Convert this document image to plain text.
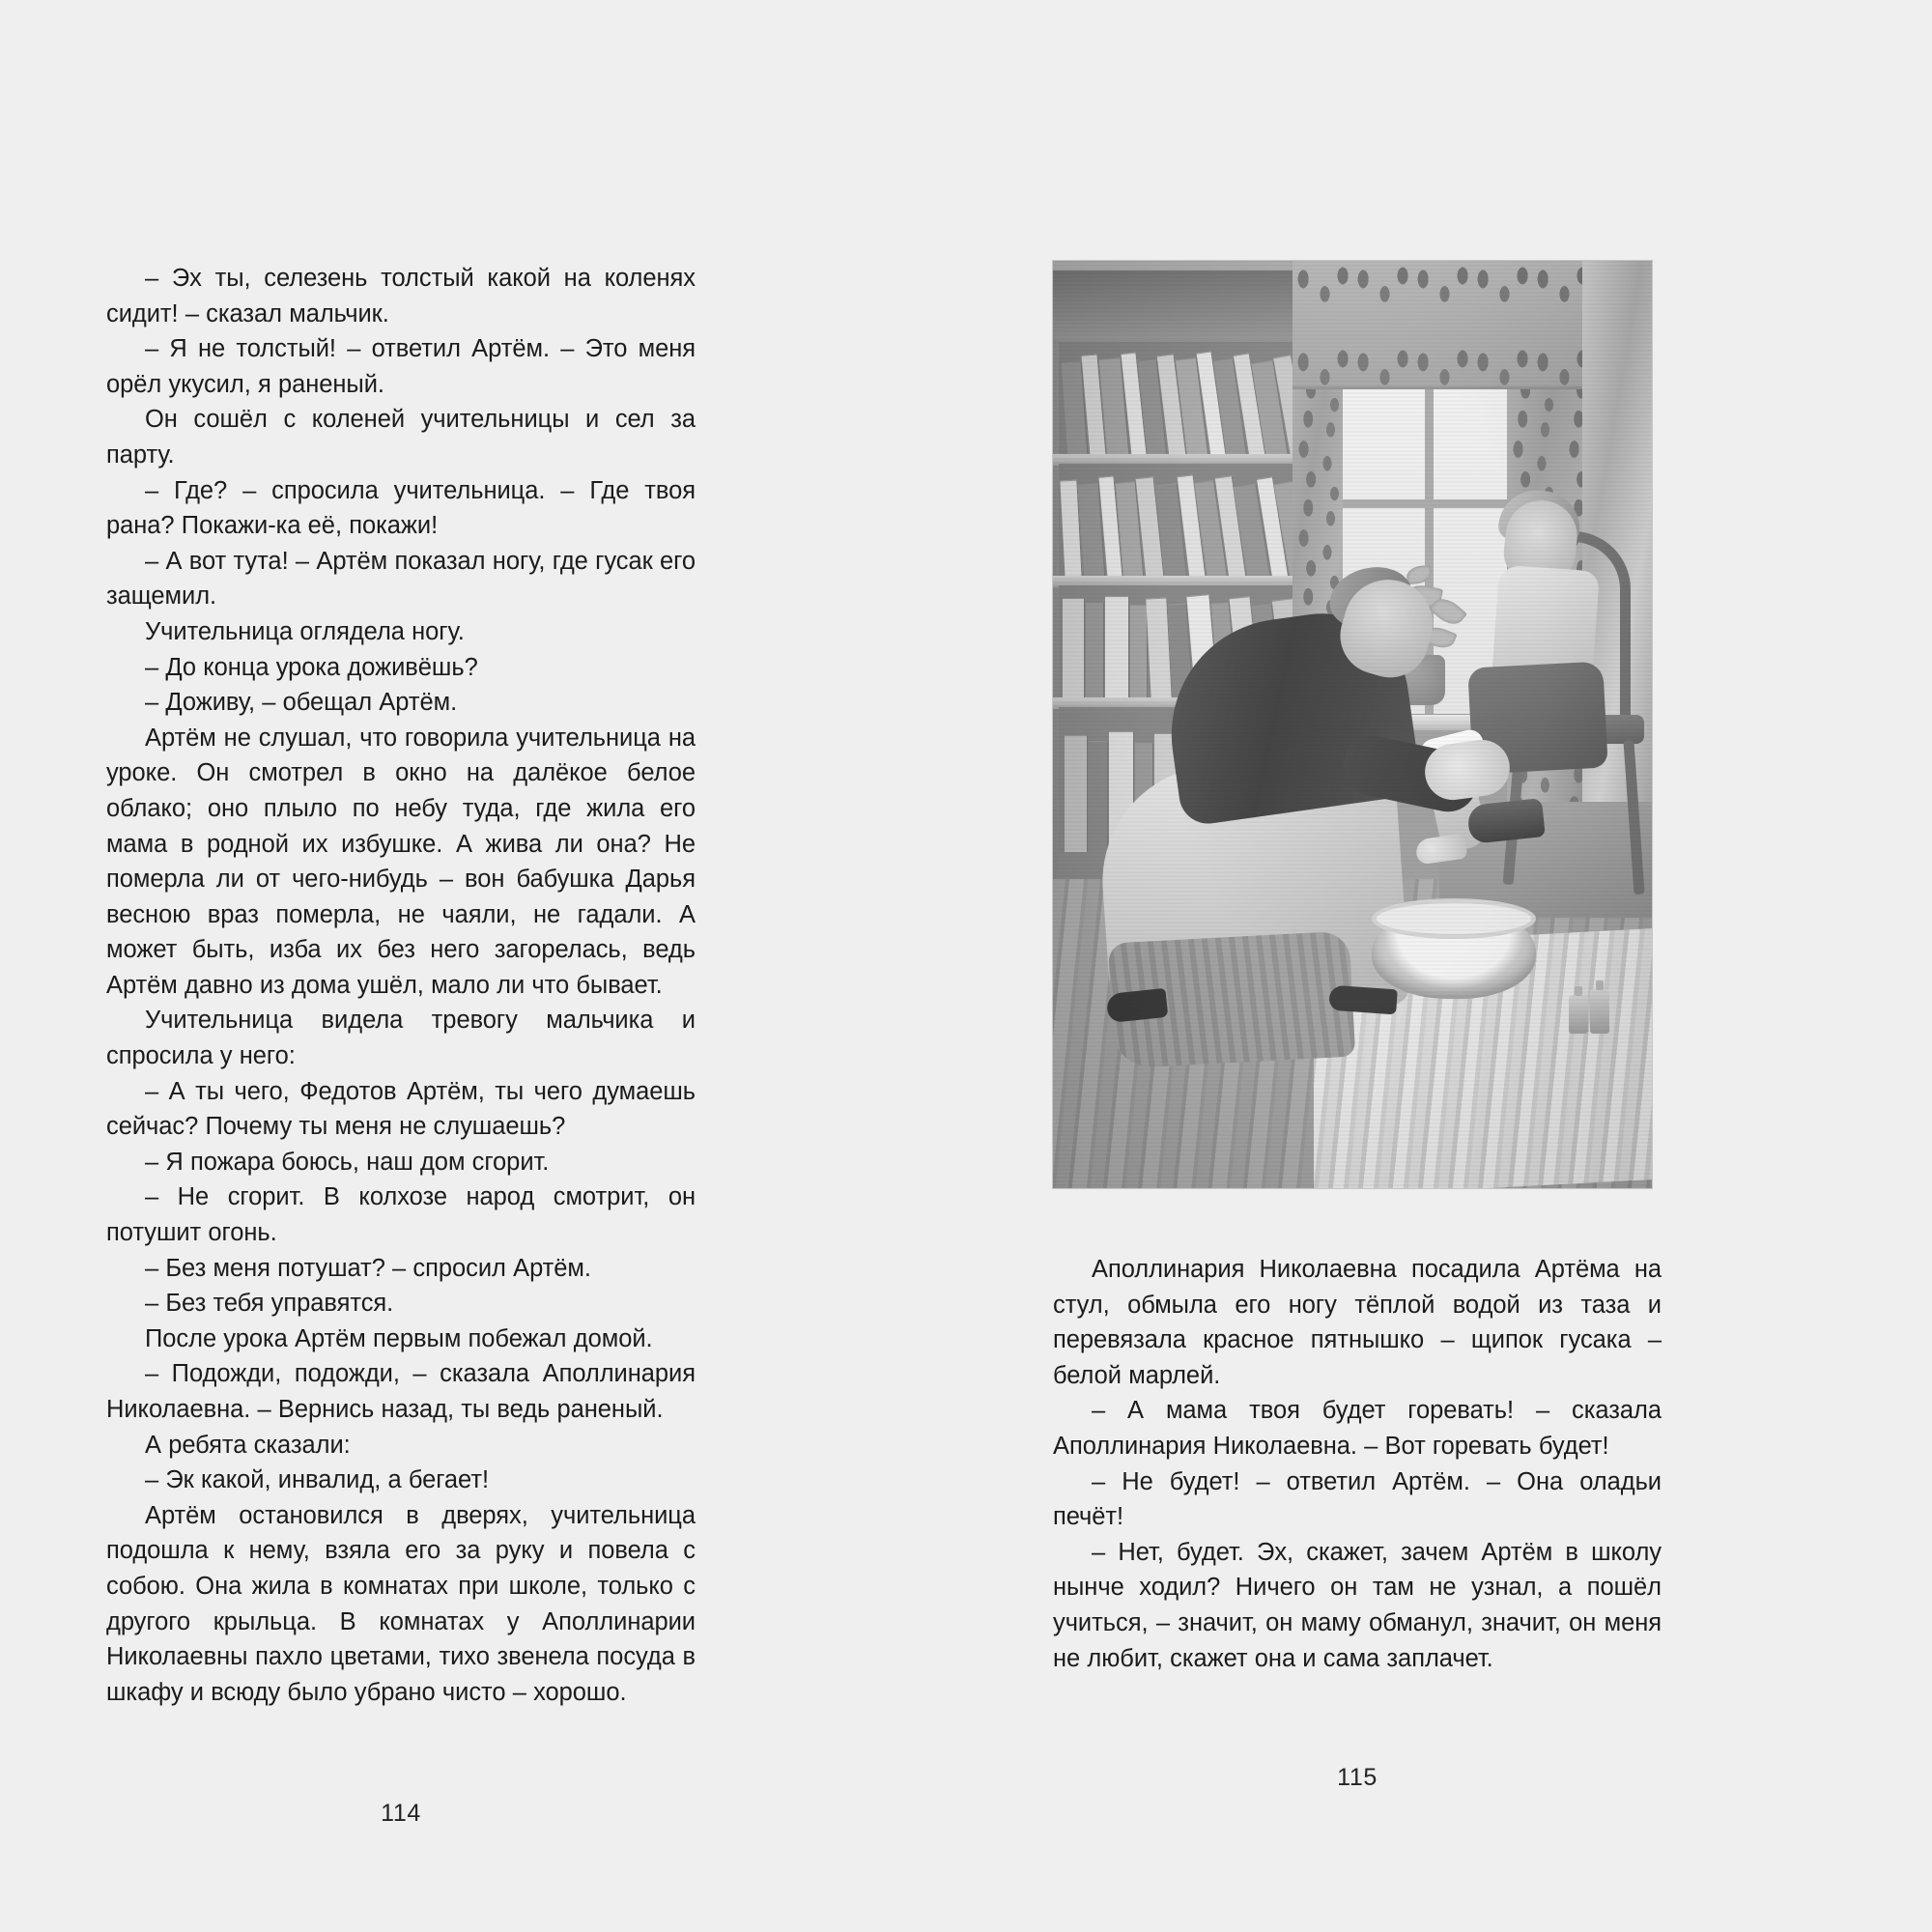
– Эх ты, селезень толстый какой на коленях сидит! – сказал мальчик.

– Я не толстый! – ответил Артём. – Это меня орёл укусил, я раненый.

Он сошёл с коленей учительницы и сел за парту.

– Где? – спросила учительница. – Где твоя рана? Покажи-ка её, покажи!

– А вот тута! – Артём показал ногу, где гусак его защемил.

Учительница оглядела ногу.

– До конца урока доживёшь?

– Доживу, – обещал Артём.

Артём не слушал, что говорила учительница на уроке. Он смотрел в окно на далёкое белое облако; оно плыло по небу туда, где жила его мама в родной их избушке. А жива ли она? Не померла ли от чего-нибудь – вон бабушка Дарья весною враз померла, не чаяли, не гадали. А может быть, изба их без него загорелась, ведь Артём давно из дома ушёл, мало ли что бывает.

Учительница видела тревогу мальчика и спросила у него:

– А ты чего, Федотов Артём, ты чего думаешь сейчас? Почему ты меня не слушаешь?

– Я пожара боюсь, наш дом сгорит.

– Не сгорит. В колхозе народ смотрит, он потушит огонь.

– Без меня потушат? – спросил Артём.

– Без тебя управятся.

После урока Артём первым побежал домой.

– Подожди, подожди, – сказала Аполлинария Николаевна. – Вернись назад, ты ведь раненый.

А ребята сказали:

– Эк какой, инвалид, а бегает!

Артём остановился в дверях, учительница подошла к нему, взяла его за руку и повела с собою. Она жила в комнатах при школе, только с другого крыльца. В комнатах у Аполлинарии Николаевны пахло цветами, тихо звенела посуда в шкафу и всюду было убрано чисто – хорошо.

114

Аполлинария Николаевна посадила Артёма на стул, обмыла его ногу тёплой водой из таза и перевязала красное пятнышко – щипок гусака – белой марлей.

– А мама твоя будет горевать! – сказала Аполлинария Николаевна. – Вот горевать будет!

– Не будет! – ответил Артём. – Она оладьи печёт!

– Нет, будет. Эх, скажет, зачем Артём в школу нынче ходил? Ничего он там не узнал, а пошёл учиться, – значит, он маму обманул, значит, он меня не любит, скажет она и сама заплачет.

115
